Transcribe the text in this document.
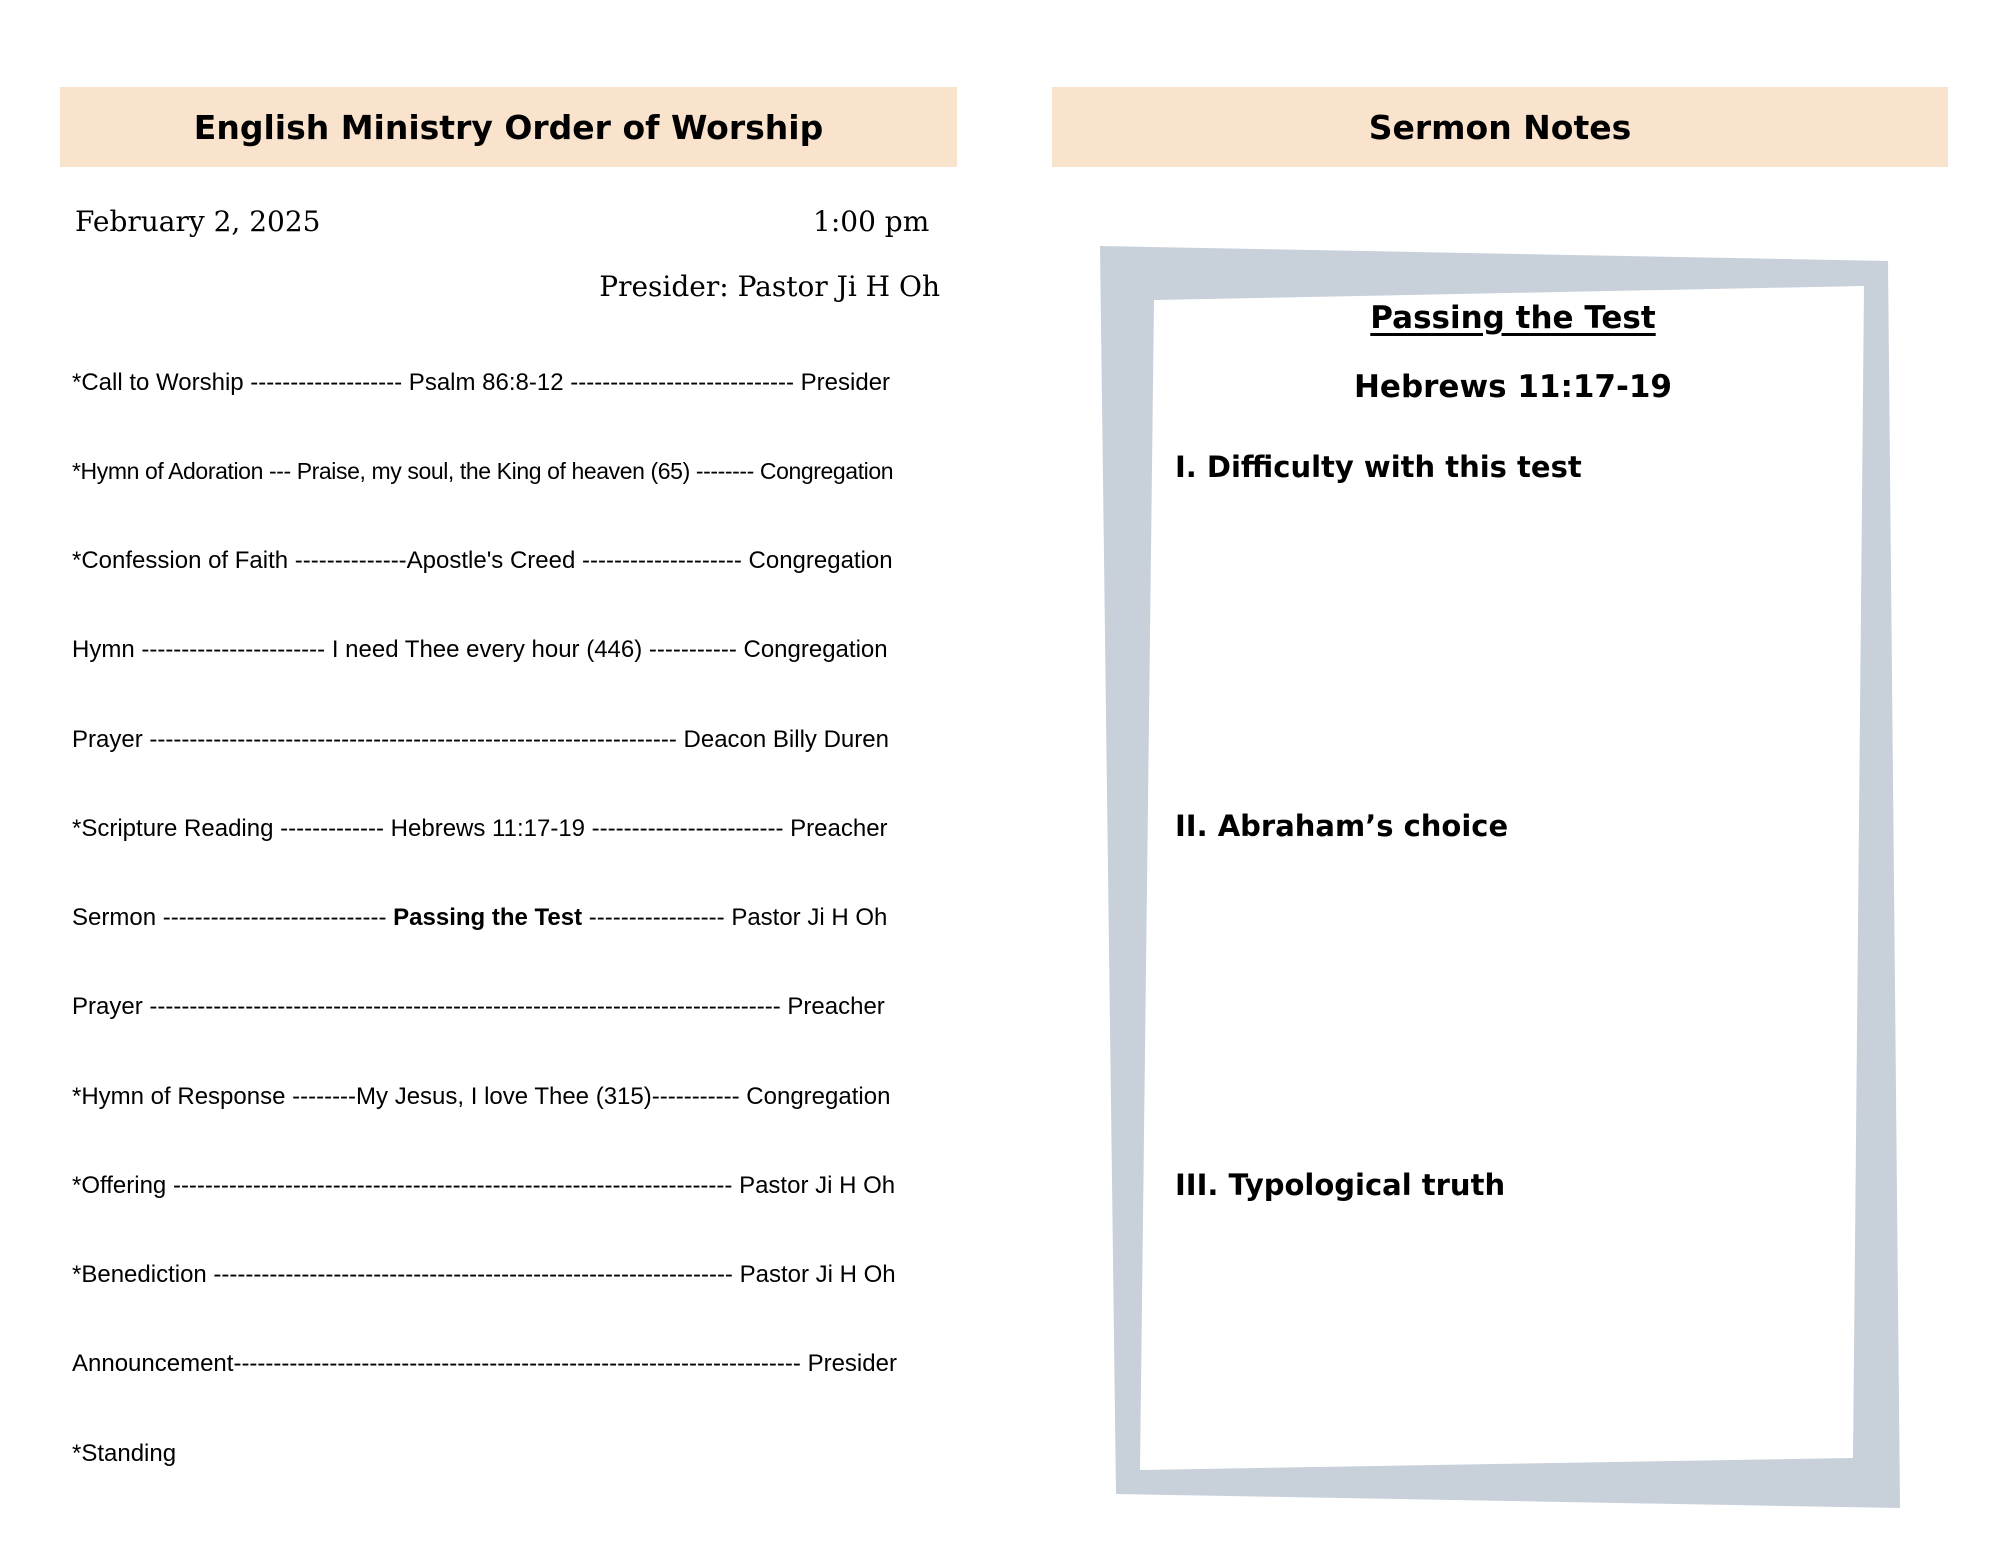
English Ministry Order of Worship
February 2, 2025	1:00 pm
Presider: Pastor Ji H Oh
*Call to Worship ------------------- Psalm 86:8-12 ---------------------------- Presider
*Hymn of Adoration --- Praise, my soul, the King of heaven (65) -------- Congregation
*Confession of Faith --------------Apostle's Creed -------------------- Congregation
Hymn ----------------------- I need Thee every hour (446) ----------- Congregation
Prayer ------------------------------------------------------------------ Deacon Billy Duren
*Scripture Reading ------------- Hebrews 11:17-19 ------------------------ Preacher
Sermon ---------------------------- Passing the Test ----------------- Pastor Ji H Oh
Prayer ------------------------------------------------------------------------------- Preacher
*Hymn of Response --------My Jesus, I love Thee (315)----------- Congregation
*Offering ---------------------------------------------------------------------- Pastor Ji H Oh
*Benediction ----------------------------------------------------------------- Pastor Ji H Oh
Announcement----------------------------------------------------------------------- Presider
*Standing
Sermon Notes
Passing the Test
Hebrews 11:17-19
I. Difficulty with this test
II. Abraham’s choice
III. Typological truth
